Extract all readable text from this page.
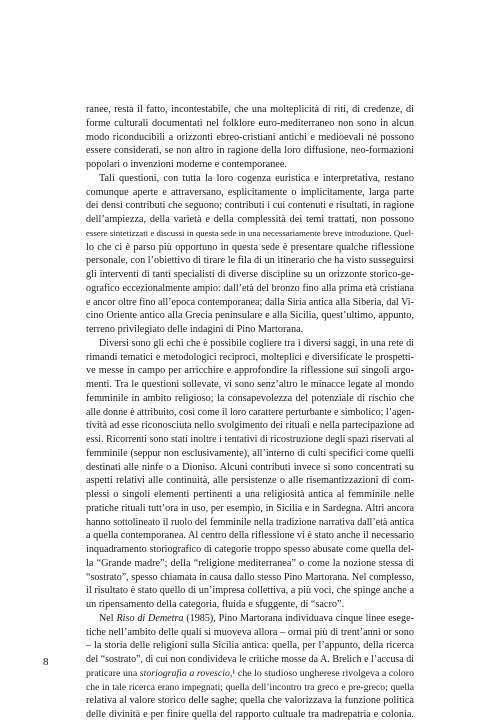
ranee, resta il fatto, incontestabile, che una molteplicità di riti, di credenze, di
forme culturali documentati nel folklore euro-mediterraneo non sono in alcun
modo riconducibili a orizzonti ebreo-cristiani antichi e medioevali né possono
essere considerati, se non altro in ragione della loro diffusione, neo-formazioni
popolari o invenzioni moderne e contemporanee.
Tali questioni, con tutta la loro cogenza euristica e interpretativa, restano
comunque aperte e attraversano, esplicitamente o implicitamente, larga parte
dei densi contributi che seguono; contributi i cui contenuti e risultati, in ragione
dell’ampiezza, della varietà e della complessità dei temi trattati, non possono
essere sintetizzati e discussi in questa sede in una necessariamente breve introduzione. Quel-
lo che ci è parso più opportuno in questa sede è presentare qualche riflessione
personale, con l’obiettivo di tirare le fila di un itinerario che ha visto susseguirsi
gli interventi di tanti specialisti di diverse discipline su un orizzonte storico-ge-
ografico eccezionalmente ampio: dall’età del bronzo fino alla prima età cristiana
e ancor oltre fino all’epoca contemporanea; dalla Siria antica alla Siberia, dal Vi-
cino Oriente antico alla Grecia peninsulare e alla Sicilia, quest’ultimo, appunto,
terreno privilegiato delle indagini di Pino Martorana.
Diversi sono gli echi che è possibile cogliere tra i diversi saggi, in una rete di
rimandi tematici e metodologici reciproci, molteplici e diversificate le prospetti-
ve messe in campo per arricchire e approfondire la riflessione sui singoli argo-
menti. Tra le questioni sollevate, vi sono senz’altro le minacce legate al mondo
femminile in ambito religioso; la consapevolezza del potenziale di rischio che
alle donne è attribuito, così come il loro carattere perturbante e simbolico; l’agen-
tività ad esse riconosciuta nello svolgimento dei rituali e nella partecipazione ad
essi. Ricorrenti sono stati inoltre i tentativi di ricostruzione degli spazi riservati al
femminile (seppur non esclusivamente), all’interno di culti specifici come quelli
destinati alle ninfe o a Dioniso. Alcuni contributi invece si sono concentrati su
aspetti relativi alle continuità, alle persistenze o alle risemantizzazioni di com-
plessi o singoli elementi pertinenti a una religiosità antica al femminile nelle
pratiche rituali tutt’ora in uso, per esempio, in Sicilia e in Sardegna. Altri ancora
hanno sottolineato il ruolo del femminile nella tradizione narrativa dall’età antica
a quella contemporanea. Al centro della riflessione vi è stato anche il necessario
inquadramento storiografico di categorie troppo spesso abusate come quella del-
la “Grande madre”; della “religione mediterranea” o come la nozione stessa di
“sostrato”, spesso chiamata in causa dallo stesso Pino Martorana. Nel complesso,
il risultato è stato quello di un’impresa collettiva, a più voci, che spinge anche a
un ripensamento della categoria, fluida e sfuggente, di “sacro”.
Nel Riso di Demetra (1985), Pino Martorana individuava cinque linee esege-
tiche nell’ambito delle quali si muoveva allora – ormai più di trent’anni or sono
– la storia delle religioni sulla Sicilia antica: quella, per l’appunto, della ricerca
del “sostrato”, di cui non condivideva le critiche mosse da A. Brelich e l’accusa di
praticare una storiografia a rovescio,¹ che lo studioso ungherese rivolgeva a coloro
che in tale ricerca erano impegnati; quella dell’incontro tra greco e pre-greco; quella
relativa al valore storico delle saghe; quella che valorizzava la funzione politica
delle divinità e per finire quella del rapporto cultuale tra madrepatria e colonia.
8
